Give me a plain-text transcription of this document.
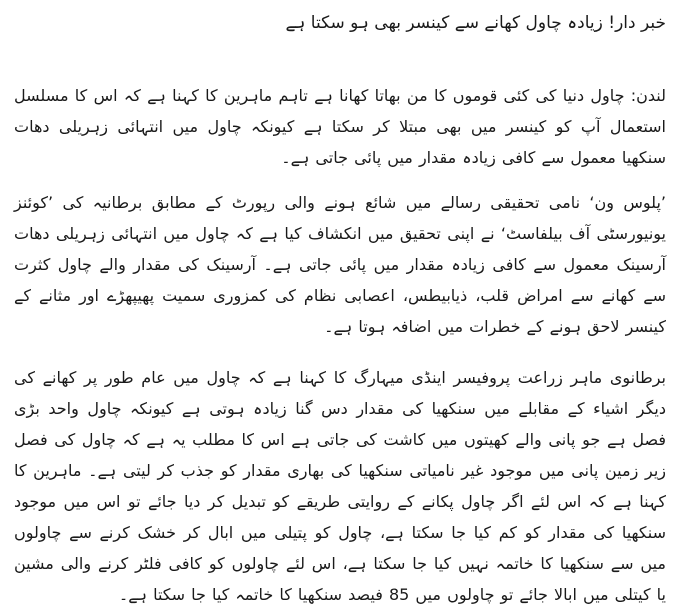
خبر دار! زیادہ چاول کھانے سے کینسر بھی ہو سکتا ہے

لندن: چاول دنیا کی کئی قوموں کا من بھاتا کھانا ہے تاہم ماہرین کا کہنا ہے کہ اس کا مسلسل استعمال آپ کو کینسر میں بھی مبتلا کر سکتا ہے کیونکہ چاول میں انتہائی زہریلی دھات سنکھیا معمول سے کافی زیادہ مقدار میں پائی جاتی ہے۔

’پلوس ون‘ نامی تحقیقی رسالے میں شائع ہونے والی رپورٹ کے مطابق برطانیہ کی ’کوئنز یونیورسٹی آف بیلفاسٹ‘ نے اپنی تحقیق میں انکشاف کیا ہے کہ چاول میں انتہائی زہریلی دھات آرسینک معمول سے کافی زیادہ مقدار میں پائی جاتی ہے۔ آرسینک کی مقدار والے چاول کثرت سے کھانے سے امراض قلب، ذیابیطس، اعصابی نظام کی کمزوری سمیت پھیپھڑے اور مثانے کے کینسر لاحق ہونے کے خطرات میں اضافہ ہوتا ہے۔

برطانوی ماہر زراعت پروفیسر اینڈی میہارگ کا کہنا ہے کہ چاول میں عام طور پر کھانے کی دیگر اشیاء کے مقابلے میں سنکھیا کی مقدار دس گنا زیادہ ہوتی ہے کیونکہ چاول واحد بڑی فصل ہے جو پانی والے کھیتوں میں کاشت کی جاتی ہے اس کا مطلب یہ ہے کہ چاول کی فصل زیر زمین پانی میں موجود غیر نامیاتی سنکھیا کی بھاری مقدار کو جذب کر لیتی ہے۔ ماہرین کا کہنا ہے کہ اس لئے اگر چاول پکانے کے روایتی طریقے کو تبدیل کر دیا جائے تو اس میں موجود سنکھیا کی مقدار کو کم کیا جا سکتا ہے، چاول کو پتیلی میں ابال کر خشک کرنے سے چاولوں میں سے سنکھیا کا خاتمہ نہیں کیا جا سکتا ہے، اس لئے چاولوں کو کافی فلٹر کرنے والی مشین یا کیتلی میں ابالا جائے تو چاولوں میں 85 فیصد سنکھیا کا خاتمہ کیا جا سکتا ہے۔
